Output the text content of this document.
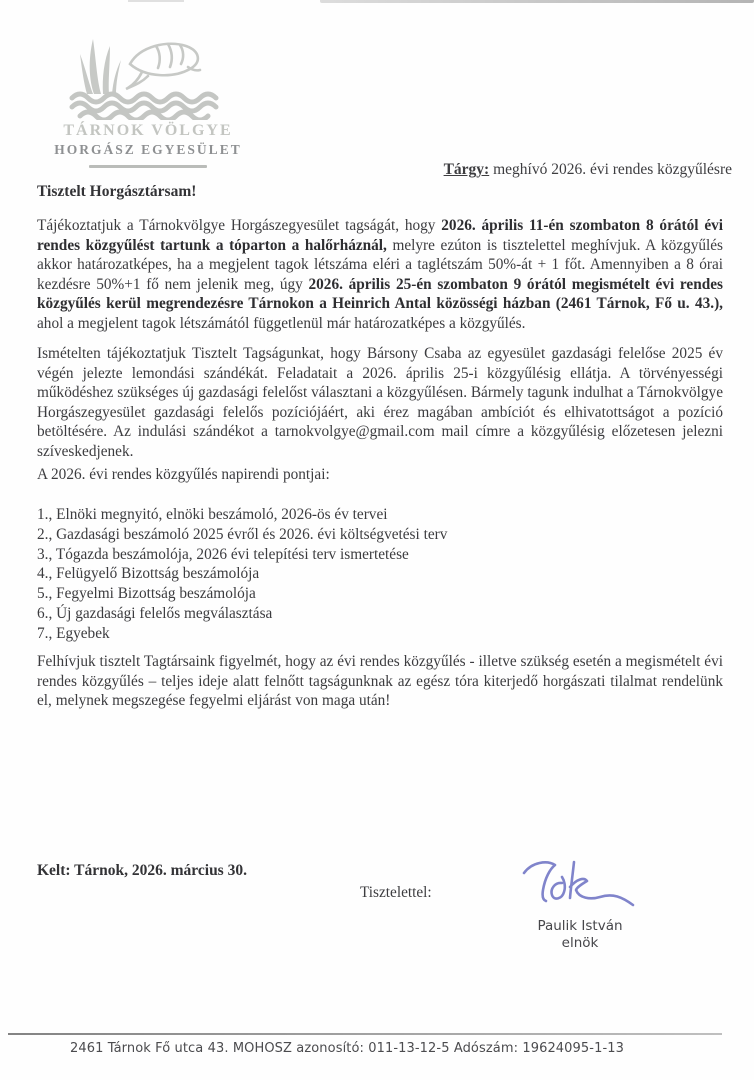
TÁRNOK VÖLGYE
HORGÁSZ EGYESÜLET
Tárgy: meghívó 2026. évi rendes közgyűlésre
Tisztelt Horgásztársam!
Tájékoztatjuk a Tárnokvölgye Horgászegyesület tagságát, hogy 2026. április 11-én szombaton 8 órától évi rendes közgyűlést tartunk a tóparton a halőrháznál, melyre ezúton is tisztelettel meghívjuk. A közgyűlés akkor határozatképes, ha a megjelent tagok létszáma eléri a taglétszám 50%-át + 1 főt. Amennyiben a 8 órai kezdésre 50%+1 fő nem jelenik meg, úgy 2026. április 25-én szombaton 9 órától megismételt évi rendes közgyűlés kerül megrendezésre Tárnokon a Heinrich Antal közösségi házban (2461 Tárnok, Fő u. 43.), ahol a megjelent tagok létszámától függetlenül már határozatképes a közgyűlés.
Ismételten tájékoztatjuk Tisztelt Tagságunkat, hogy Bársony Csaba az egyesület gazdasági felelőse 2025 év végén jelezte lemondási szándékát. Feladatait a 2026. április 25-i közgyűlésig ellátja. A törvényességi működéshez szükséges új gazdasági felelőst választani a közgyűlésen. Bármely tagunk indulhat a Tárnokvölgye Horgászegyesület gazdasági felelős pozíciójáért, aki érez magában ambíciót és elhivatottságot a pozíció betöltésére. Az indulási szándékot a tarnokvolgye@gmail.com mail címre a közgyűlésig előzetesen jelezni szíveskedjenek.
A 2026. évi rendes közgyűlés napirendi pontjai:
1., Elnöki megnyitó, elnöki beszámoló, 2026-ös év tervei
2., Gazdasági beszámoló 2025 évről és 2026. évi költségvetési terv
3., Tógazda beszámolója, 2026 évi telepítési terv ismertetése
4., Felügyelő Bizottság beszámolója
5., Fegyelmi Bizottság beszámolója
6., Új gazdasági felelős megválasztása
7., Egyebek
Felhívjuk tisztelt Tagtársaink figyelmét, hogy az évi rendes közgyűlés - illetve szükség esetén a megismételt évi rendes közgyűlés – teljes ideje alatt felnőtt tagságunknak az egész tóra kiterjedő horgászati tilalmat rendelünk el, melynek megszegése fegyelmi eljárást von maga után!
Kelt: Tárnok, 2026. március 30.
Tisztelettel:
Paulik István
elnök
2461 Tárnok Fő utca 43. MOHOSZ azonosító: 011-13-12-5 Adószám: 19624095-1-13
